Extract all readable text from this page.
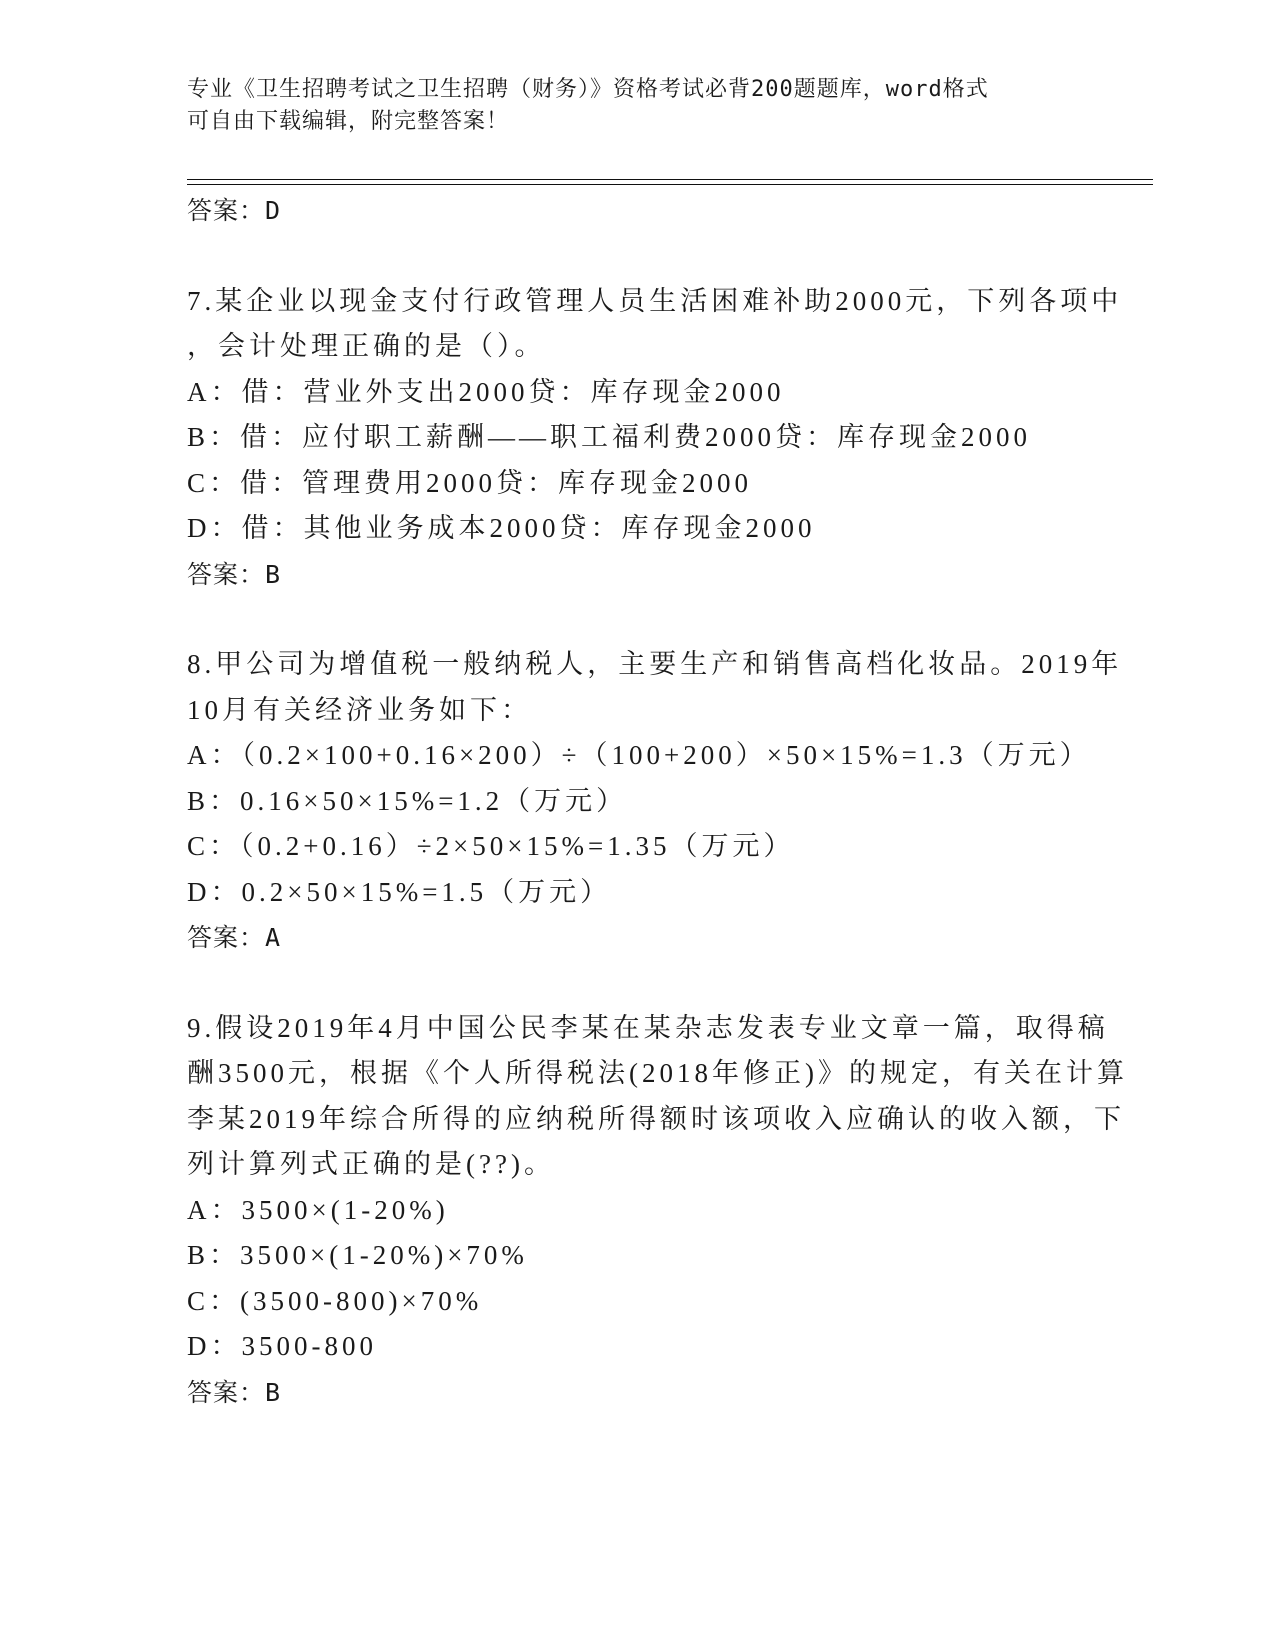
专业《卫生招聘考试之卫生招聘（财务）》资格考试必背200题题库，word格式
可自由下载编辑，附完整答案！
答案：D
7.某企业以现金支付行政管理人员生活困难补助2000元，下列各项中
，会计处理正确的是（）。
A：借：营业外支出2000贷：库存现金2000
B：借：应付职工薪酬——职工福利费2000贷：库存现金2000
C：借：管理费用2000贷：库存现金2000
D：借：其他业务成本2000贷：库存现金2000
答案：B
8.甲公司为增值税一般纳税人，主要生产和销售高档化妆品。2019年
10月有关经济业务如下：
A：（0.2×100+0.16×200）÷（100+200）×50×15%=1.3（万元）
B：0.16×50×15%=1.2（万元）
C：（0.2+0.16）÷2×50×15%=1.35（万元）
D：0.2×50×15%=1.5（万元）
答案：A
9.假设2019年4月中国公民李某在某杂志发表专业文章一篇，取得稿
酬3500元，根据《个人所得税法(2018年修正)》的规定，有关在计算
李某2019年综合所得的应纳税所得额时该项收入应确认的收入额，下
列计算列式正确的是(??)。
A：3500×(1-20%)
B：3500×(1-20%)×70%
C：(3500-800)×70%
D：3500-800
答案：B
